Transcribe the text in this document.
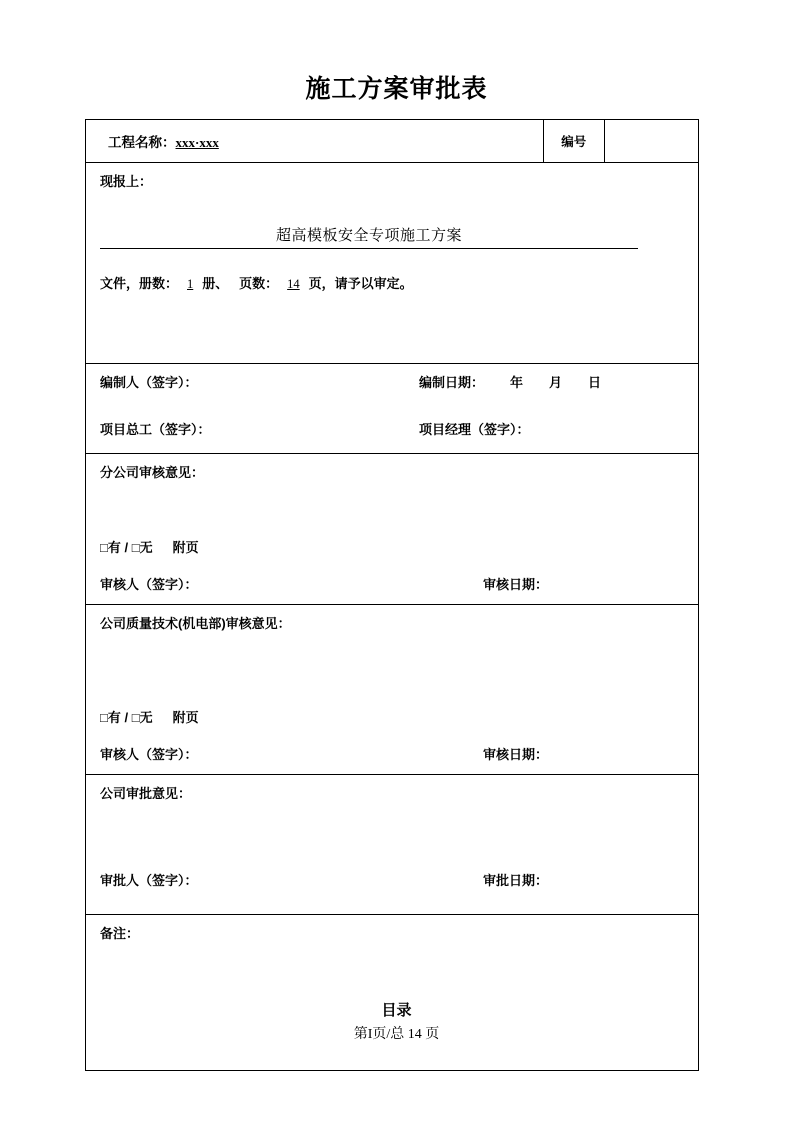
施工方案审批表
工程名称：xxx·xxx	编号	

现报上：
超高模板安全专项施工方案
文件，册数： 1 册、 页数： 14 页，请予以审定。

编制人（签字）：	编制日期： 年 月 日
项目总工（签字）：	项目经理（签字）：

分公司审核意见：
□有 / □无 附页
审核人（签字）：	审核日期：

公司质量技术(机电部)审核意见：
□有 / □无 附页
审核人（签字）：	审核日期：

公司审批意见：
审批人（签字）：	审批日期：

备注：
目录
第I页/总 14 页
